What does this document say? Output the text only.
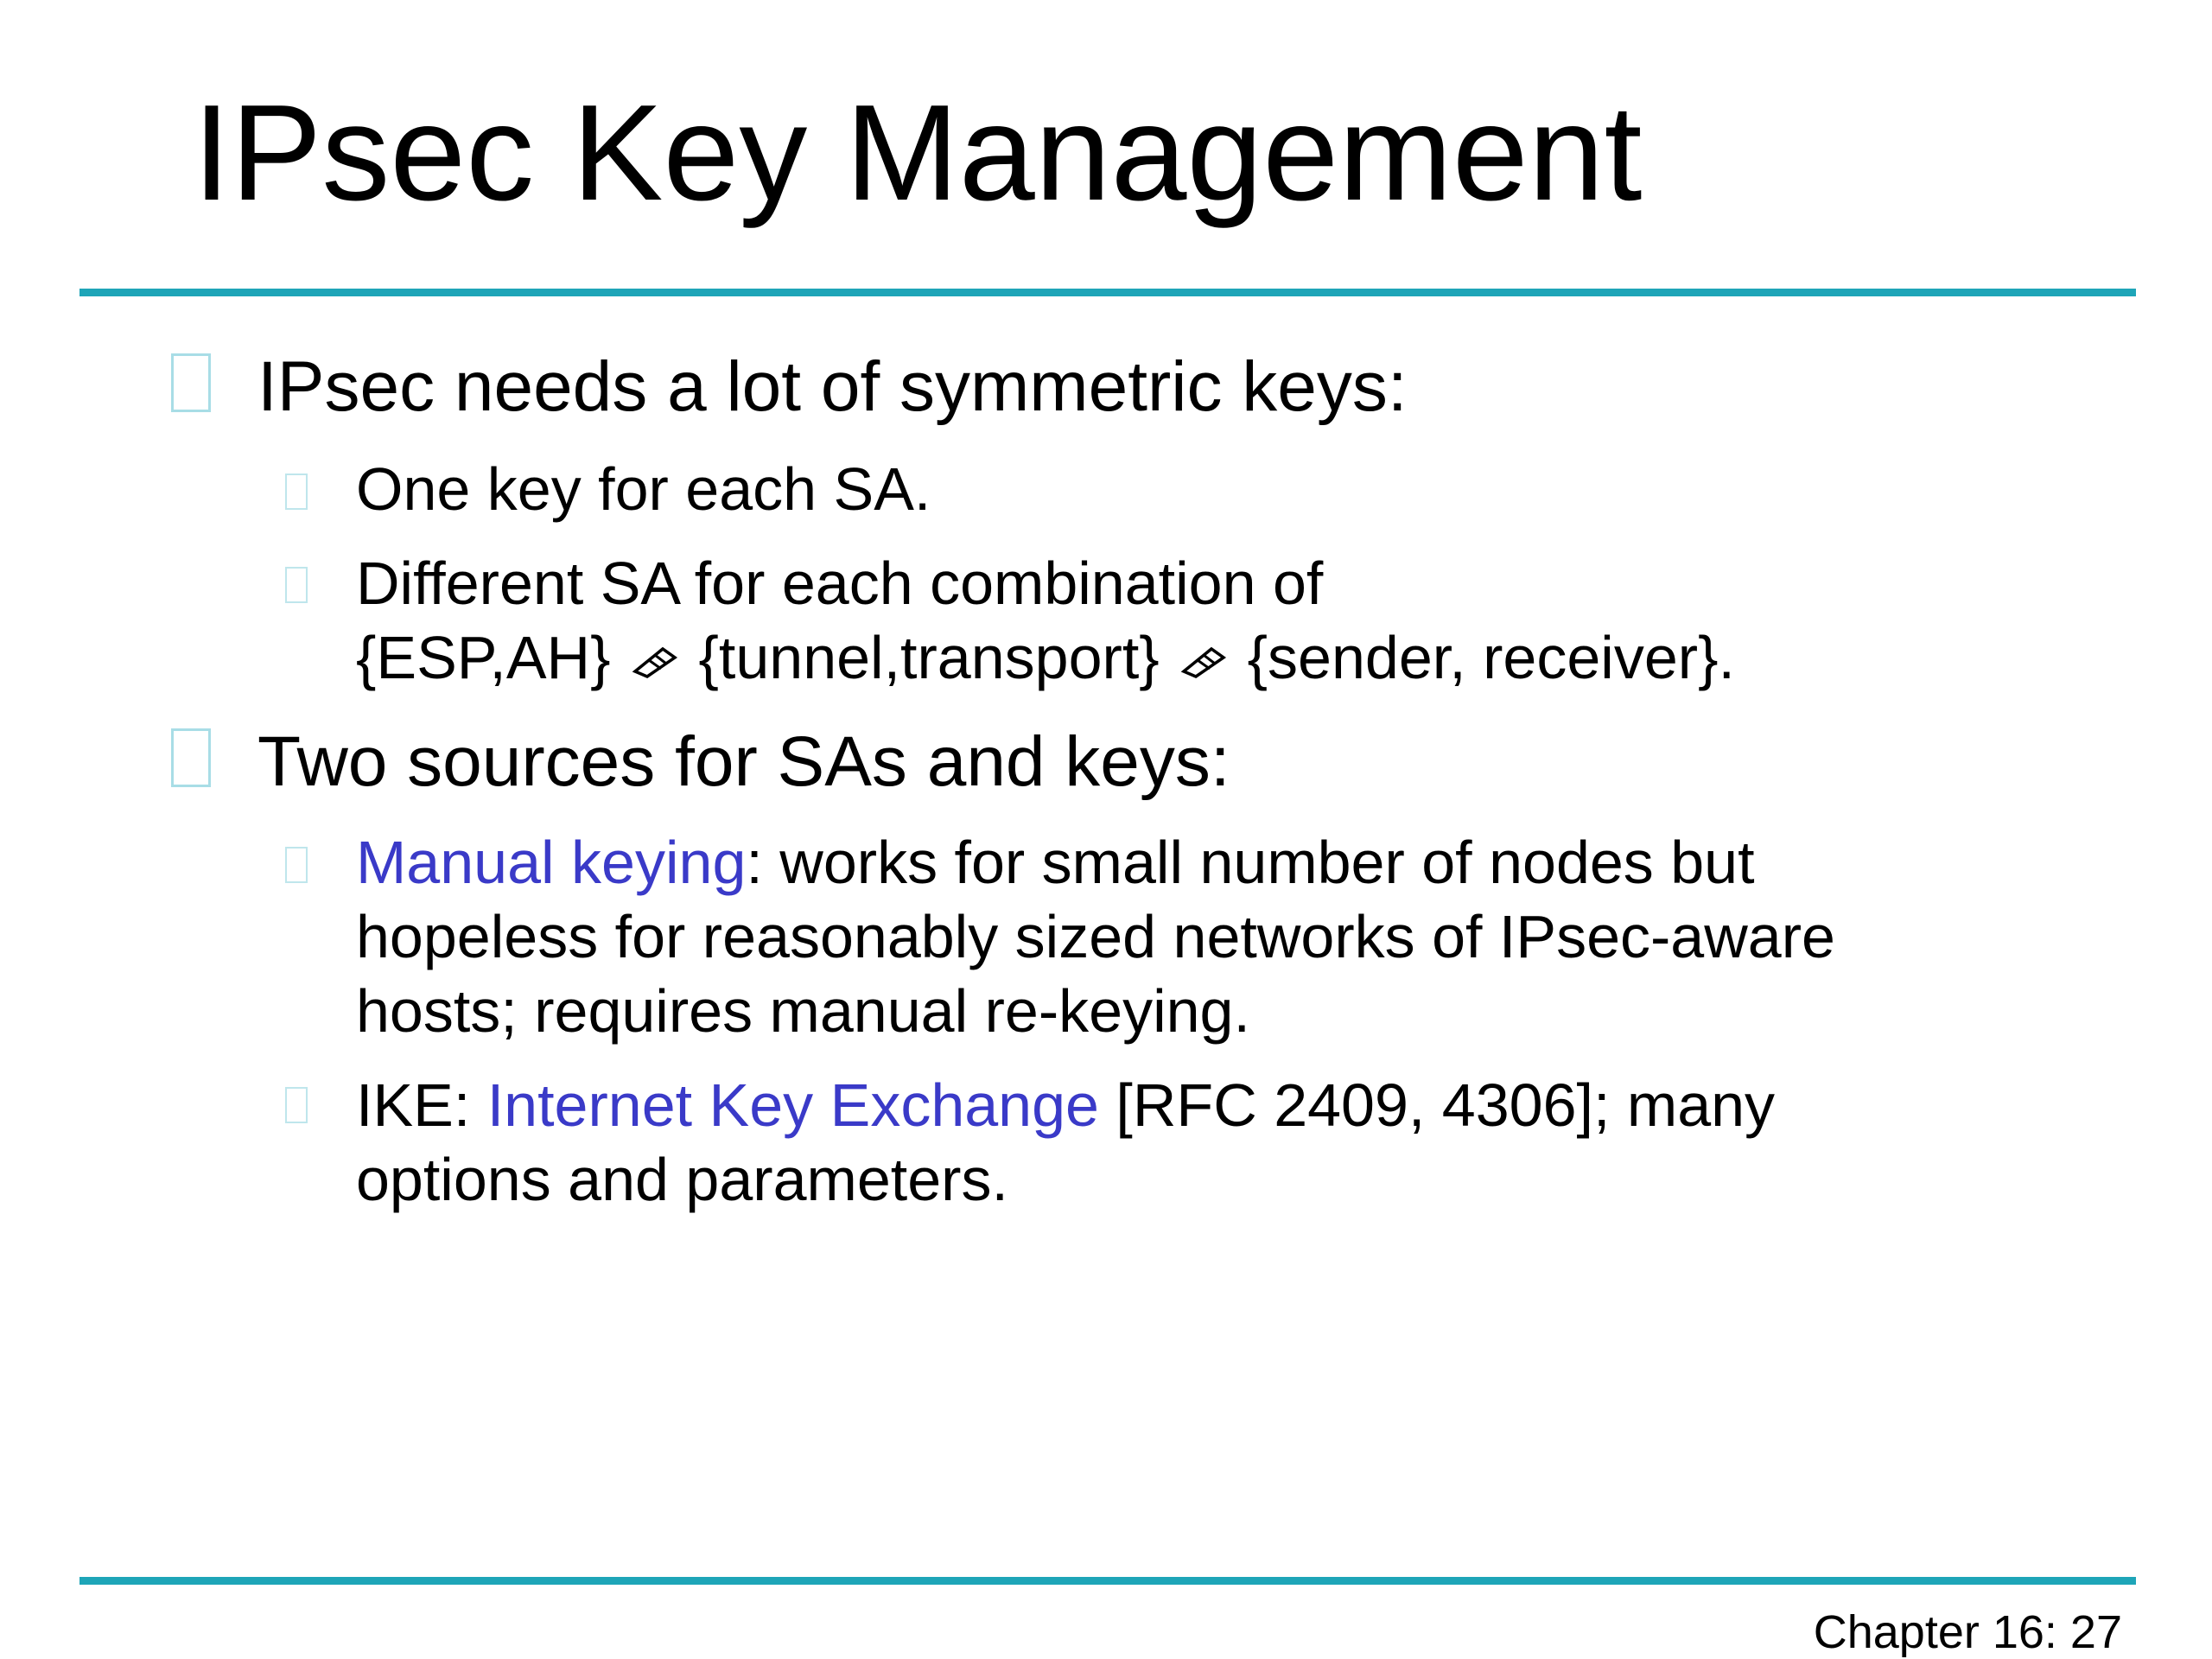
IPsec Key Management
IPsec needs a lot of symmetric keys:
One key for each SA.
Different SA for each combination of
{ESP,AH} {tunnel,transport} {sender, receiver}.
Two sources for SAs and keys:
Manual keying: works for small number of nodes but
hopeless for reasonably sized networks of IPsec-aware
hosts; requires manual re-keying.
IKE: Internet Key Exchange [RFC 2409, 4306]; many
options and parameters.
Chapter 16: 27
